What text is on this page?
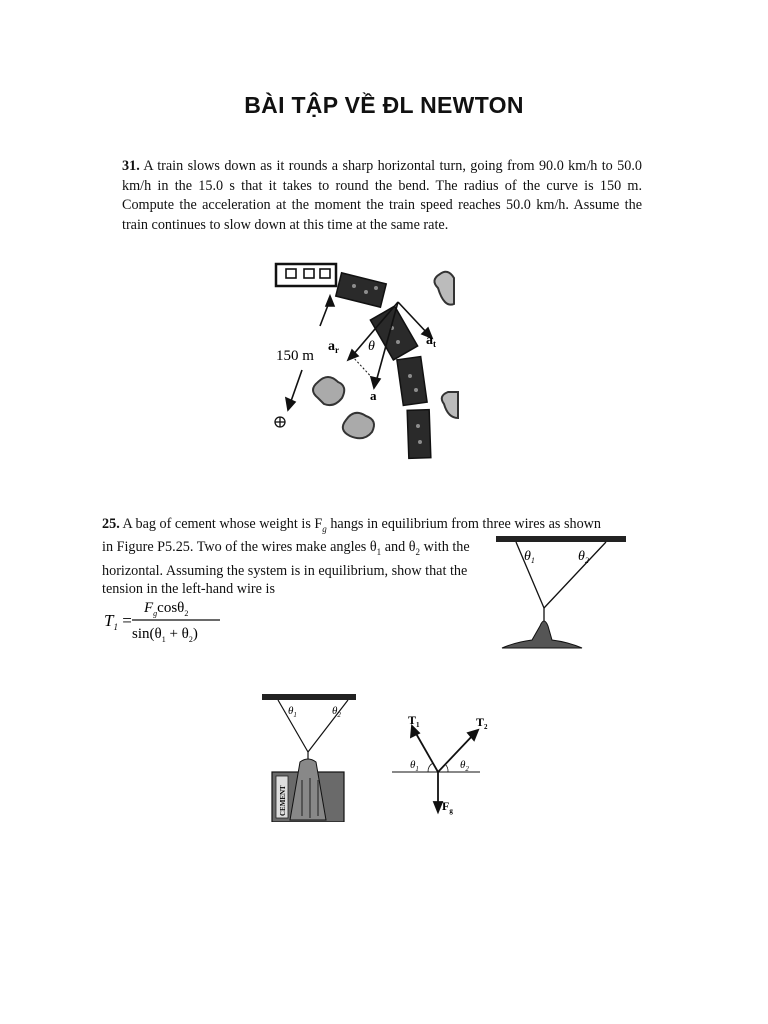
BÀI TẬP VỀ ĐL NEWTON
31. A train slows down as it rounds a sharp horizontal turn, going from 90.0 km/h to 50.0 km/h in the 15.0 s that it takes to round the bend. The radius of the curve is 150 m. Compute the acceleration at the moment the train speed reaches 50.0 km/h. Assume the train continues to slow down at this time at the same rate.
150 m
$a_r$
$a_t$
a
θ
25. A bag of cement whose weight is $F_g$ hangs in equilibrium from three wires as shown
in Figure P5.25. Two of the wires make angles $\theta_1$ and $\theta_2$ with the
horizontal. Assuming the system is in equilibrium, show that the
tension in the left-hand wire is
$T_1$ =
$F_g\cos\theta_2$
$\sin(\theta_1 + \theta_2)$
$\theta_1$	$\theta_2$
$\theta_1$	$\theta_2$
CEMENT
$T_1$	$T_2$
$F_g$
$\theta_1$	$\theta_2$
